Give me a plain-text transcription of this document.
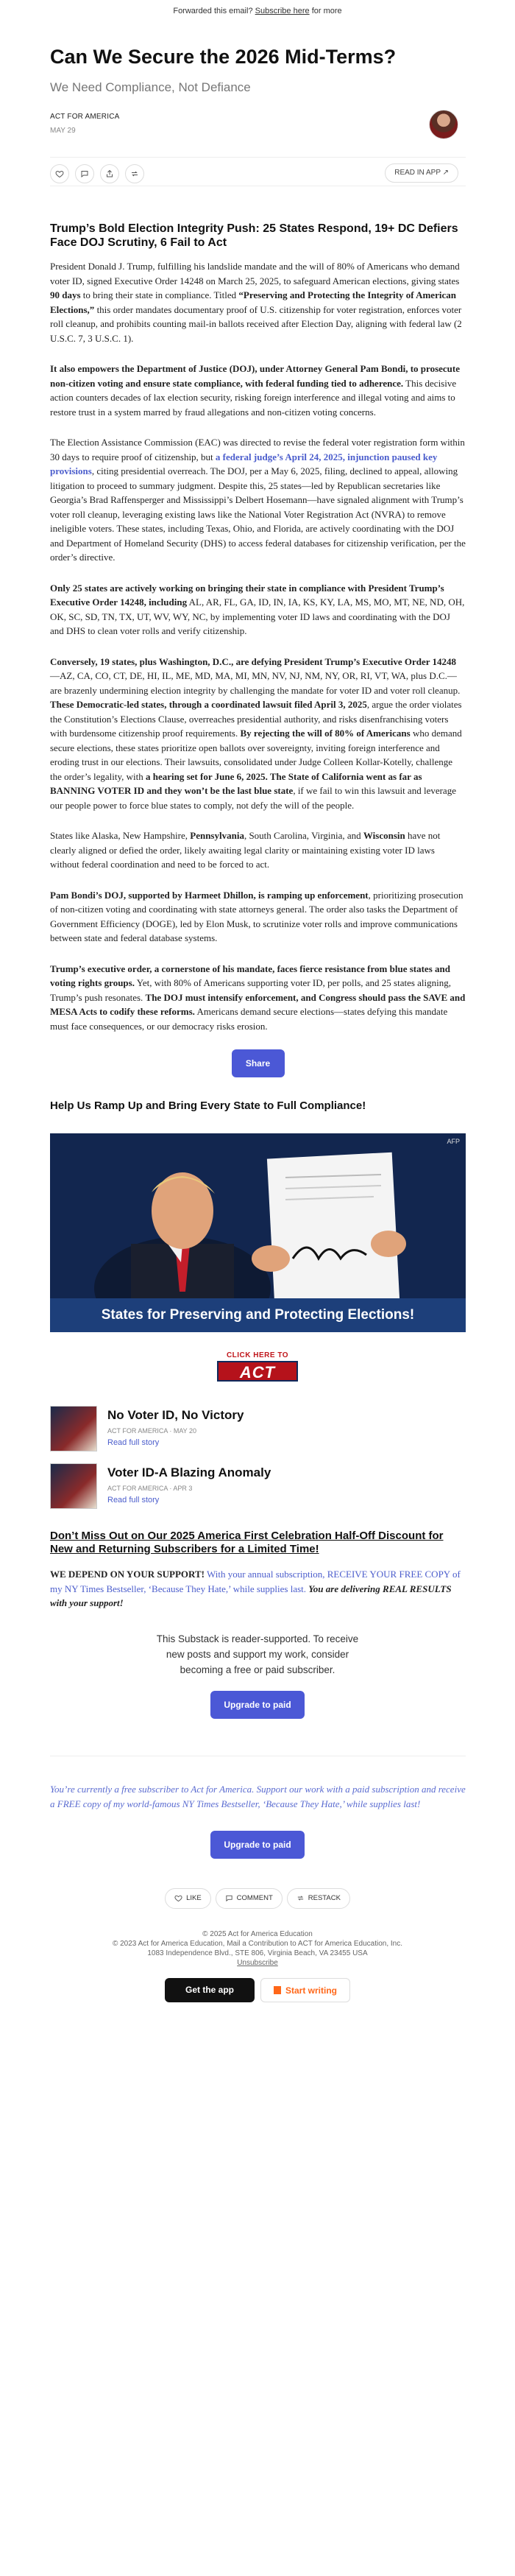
Forwarded this email? Subscribe here for more
Can We Secure the 2026 Mid-Terms?
We Need Compliance, Not Defiance
ACT FOR AMERICA
MAY 29
READ IN APP ↗
Trump’s Bold Election Integrity Push: 25 States Respond, 19+ DC Defiers Face DOJ Scrutiny, 6 Fail to Act

President Donald J. Trump, fulfilling his landslide mandate and the will of 80% of Americans who demand voter ID, signed Executive Order 14248 on March 25, 2025, to safeguard American elections, giving states 90 days to bring their state in compliance. Titled “Preserving and Protecting the Integrity of American Elections,” this order mandates documentary proof of U.S. citizenship for voter registration, enforces voter roll cleanup, and prohibits counting mail-in ballots received after Election Day, aligning with federal law (2 U.S.C. 7, 3 U.S.C. 1).

It also empowers the Department of Justice (DOJ), under Attorney General Pam Bondi, to prosecute non-citizen voting and ensure state compliance, with federal funding tied to adherence. This decisive action counters decades of lax election security, risking foreign interference and illegal voting and aims to restore trust in a system marred by fraud allegations and non-citizen voting concerns.

The Election Assistance Commission (EAC) was directed to revise the federal voter registration form within 30 days to require proof of citizenship, but a federal judge’s April 24, 2025, injunction paused key provisions, citing presidential overreach. The DOJ, per a May 6, 2025, filing, declined to appeal, allowing litigation to proceed to summary judgment. Despite this, 25 states—led by Republican secretaries like Georgia’s Brad Raffensperger and Mississippi’s Delbert Hosemann—have signaled alignment with Trump’s voter roll cleanup, leveraging existing laws like the National Voter Registration Act (NVRA) to remove ineligible voters. These states, including Texas, Ohio, and Florida, are actively coordinating with the DOJ and Department of Homeland Security (DHS) to access federal databases for citizenship verification, per the order’s directive.

Only 25 states are actively working on bringing their state in compliance with President Trump’s Executive Order 14248, including AL, AR, FL, GA, ID, IN, IA, KS, KY, LA, MS, MO, MT, NE, ND, OH, OK, SC, SD, TN, TX, UT, WV, WY, NC, by implementing voter ID laws and coordinating with the DOJ and DHS to clean voter rolls and verify citizenship.

Conversely, 19 states, plus Washington, D.C., are defying President Trump’s Executive Order 14248—AZ, CA, CO, CT, DE, HI, IL, ME, MD, MA, MI, MN, NV, NJ, NM, NY, OR, RI, VT, WA, plus D.C.—are brazenly undermining election integrity by challenging the mandate for voter ID and voter roll cleanup. These Democratic-led states, through a coordinated lawsuit filed April 3, 2025, argue the order violates the Constitution’s Elections Clause, overreaches presidential authority, and risks disenfranchising voters with burdensome citizenship proof requirements. By rejecting the will of 80% of Americans who demand secure elections, these states prioritize open ballots over sovereignty, inviting foreign interference and eroding trust in our elections. Their lawsuits, consolidated under Judge Colleen Kollar-Kotelly, challenge the order’s legality, with a hearing set for June 6, 2025. The State of California went as far as BANNING VOTER ID and they won’t be the last blue state, if we fail to win this lawsuit and leverage our people power to force blue states to comply, not defy the will of the people.

States like Alaska, New Hampshire, Pennsylvania, South Carolina, Virginia, and Wisconsin have not clearly aligned or defied the order, likely awaiting legal clarity or maintaining existing voter ID laws without federal coordination and need to be forced to act.

Pam Bondi’s DOJ, supported by Harmeet Dhillon, is ramping up enforcement, prioritizing prosecution of non-citizen voting and coordinating with state attorneys general. The order also tasks the Department of Government Efficiency (DOGE), led by Elon Musk, to scrutinize voter rolls and improve communications between state and federal database systems.

Trump’s executive order, a cornerstone of his mandate, faces fierce resistance from blue states and voting rights groups. Yet, with 80% of Americans supporting voter ID, per polls, and 25 states aligning, Trump’s push resonates. The DOJ must intensify enforcement, and Congress should pass the SAVE and MESA Acts to codify these reforms. Americans demand secure elections—states defying this mandate must face consequences, or our democracy risks erosion.

Share
Help Us Ramp Up and Bring Every State to Full Compliance!
AFP
States for Preserving and Protecting Elections!
CLICK HERE TO
ACT NOW
No Voter ID, No Victory
ACT FOR AMERICA · MAY 20
Read full story
Voter ID-A Blazing Anomaly
ACT FOR AMERICA · APR 3
Read full story
Don’t Miss Out on Our 2025 America First Celebration Half-Off Discount for New and Returning Subscribers for a Limited Time!
WE DEPEND ON YOUR SUPPORT! With your annual subscription, RECEIVE YOUR FREE COPY of my NY Times Bestseller, ‘Because They Hate,’ while supplies last. You are delivering REAL RESULTS with your support!
This Substack is reader-supported. To receive new posts and support my work, consider becoming a free or paid subscriber.
Upgrade to paid
You’re currently a free subscriber to Act for America. Support our work with a paid subscription and receive a FREE copy of my world-famous NY Times Bestseller, ‘Because They Hate,’ while supplies last!
Upgrade to paid
LIKE	COMMENT	RESTACK
© 2025 Act for America Education
© 2023 Act for America Education, Mail a Contribution to ACT for America Education, Inc.
1083 Independence Blvd., STE 806, Virginia Beach, VA 23455 USA
Unsubscribe
Get the app	Start writing
